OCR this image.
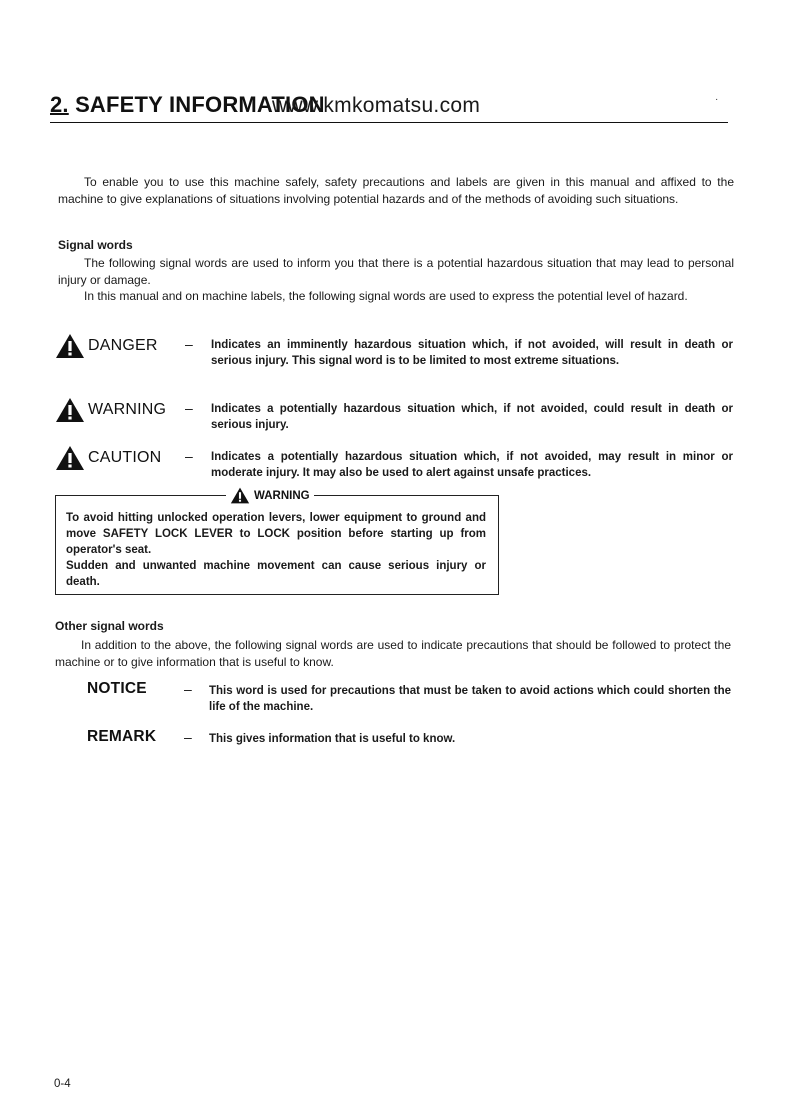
2. SAFETY INFORMATION
www.kmkomatsu.com	·
To enable you to use this machine safely, safety precautions and labels are given in this manual and affixed to the machine to give explanations of situations involving potential hazards and of the methods of avoiding such situations.
Signal words
The following signal words are used to inform you that there is a potential hazardous situation that may lead to personal injury or damage.
In this manual and on machine labels, the following signal words are used to express the potential level of hazard.
DANGER – Indicates an imminently hazardous situation which, if not avoided, will result in death or serious injury. This signal word is to be limited to most extreme situations.
WARNING – Indicates a potentially hazardous situation which, if not avoided, could result in death or serious injury.
CAUTION – Indicates a potentially hazardous situation which, if not avoided, may result in minor or moderate injury. It may also be used to alert against unsafe practices.
WARNING
To avoid hitting unlocked operation levers, lower equipment to ground and move SAFETY LOCK LEVER to LOCK position before starting up from operator's seat.
Sudden and unwanted machine movement can cause serious injury or death.
Other signal words
In addition to the above, the following signal words are used to indicate precautions that should be followed to protect the machine or to give information that is useful to know.
NOTICE	– This word is used for precautions that must be taken to avoid actions which could shorten the life of the machine.
REMARK – This gives information that is useful to know.
0-4
